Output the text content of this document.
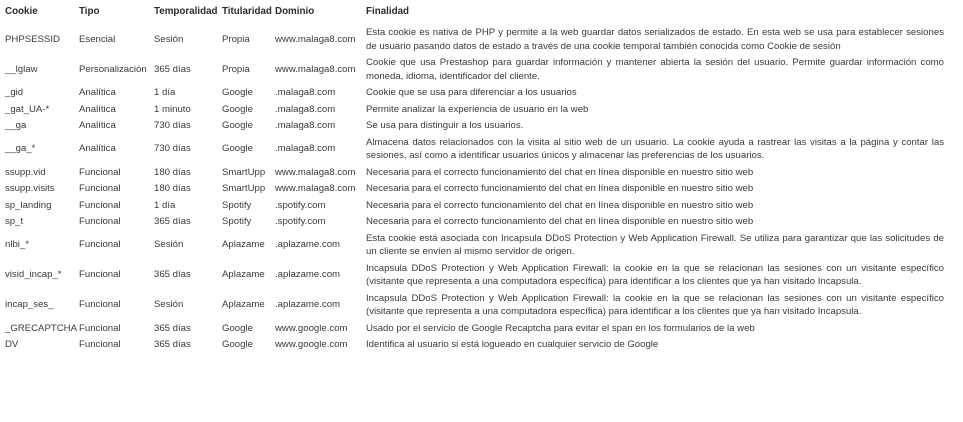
Cookie	Tipo	Temporalidad	Titularidad	Dominio	Finalidad
PHPSESSID	Esencial	Sesión	Propia	www.malaga8.com	Esta cookie es nativa de PHP y permite a la web guardar datos serializados de estado. En esta web se usa para establecer sesiones de usuario pasando datos de estado a través de una cookie temporal también conocida como Cookie de sesión
__lglaw	Personalización	365 días	Propia	www.malaga8.com	Cookie que usa Prestashop para guardar información y mantener abierta la sesión del usuario. Permite guardar información como moneda, idioma, identificador del cliente.
_gid	Analítica	1 día	Google	.malaga8.com	Cookie que se usa para diferenciar a los usuarios
_gat_UA-*	Analítica	1 minuto	Google	.malaga8.com	Permite analizar la experiencia de usuario en la web
__ga	Analítica	730 días	Google	.malaga8.com	Se usa para distinguir a los usuarios.
__ga_*	Analítica	730 días	Google	.malaga8.com	Almacena datos relacionados con la visita al sitio web de un usuario. La cookie ayuda a rastrear las visitas a la página y contar las sesiones, así como a identificar usuarios únicos y almacenar las preferencias de los usuarios.
ssupp.vid	Funcional	180 días	SmartUpp	www.malaga8.com	Necesaria para el correcto funcionamiento del chat en línea disponible en nuestro sitio web
ssupp.visits	Funcional	180 días	SmartUpp	www.malaga8.com	Necesaria para el correcto funcionamiento del chat en línea disponible en nuestro sitio web
sp_landing	Funcional	1 día	Spotify	.spotify.com	Necesaria para el correcto funcionamiento del chat en línea disponible en nuestro sitio web
sp_t	Funcional	365 días	Spotify	.spotify.com	Necesaria para el correcto funcionamiento del chat en línea disponible en nuestro sitio web
nlbi_*	Funcional	Sesión	Aplazame	.aplazame.com	Esta cookie está asociada con Incapsula DDoS Protection y Web Application Firewall. Se utiliza para garantizar que las solicitudes de un cliente se envíen al mismo servidor de origen.
visid_incap_*	Funcional	365 días	Aplazame	.aplazame.com	Incapsula DDoS Protection y Web Application Firewall: la cookie en la que se relacionan las sesiones con un visitante específico (visitante que representa a una computadora específica) para identificar a los clientes que ya han visitado Incapsula.
incap_ses_	Funcional	Sesión	Aplazame	.aplazame.com	Incapsula DDoS Protection y Web Application Firewall: la cookie en la que se relacionan las sesiones con un visitante específico (visitante que representa a una computadora específica) para identificar a los clientes que ya han visitado Incapsula.
_GRECAPTCHA	Funcional	365 días	Google	www.google.com	Usado por el servicio de Google Recaptcha para evitar el span en los formularios de la web
DV	Funcional	365 días	Google	www.google.com	Identifica al usuario si está logueado en cualquier servicio de Google
